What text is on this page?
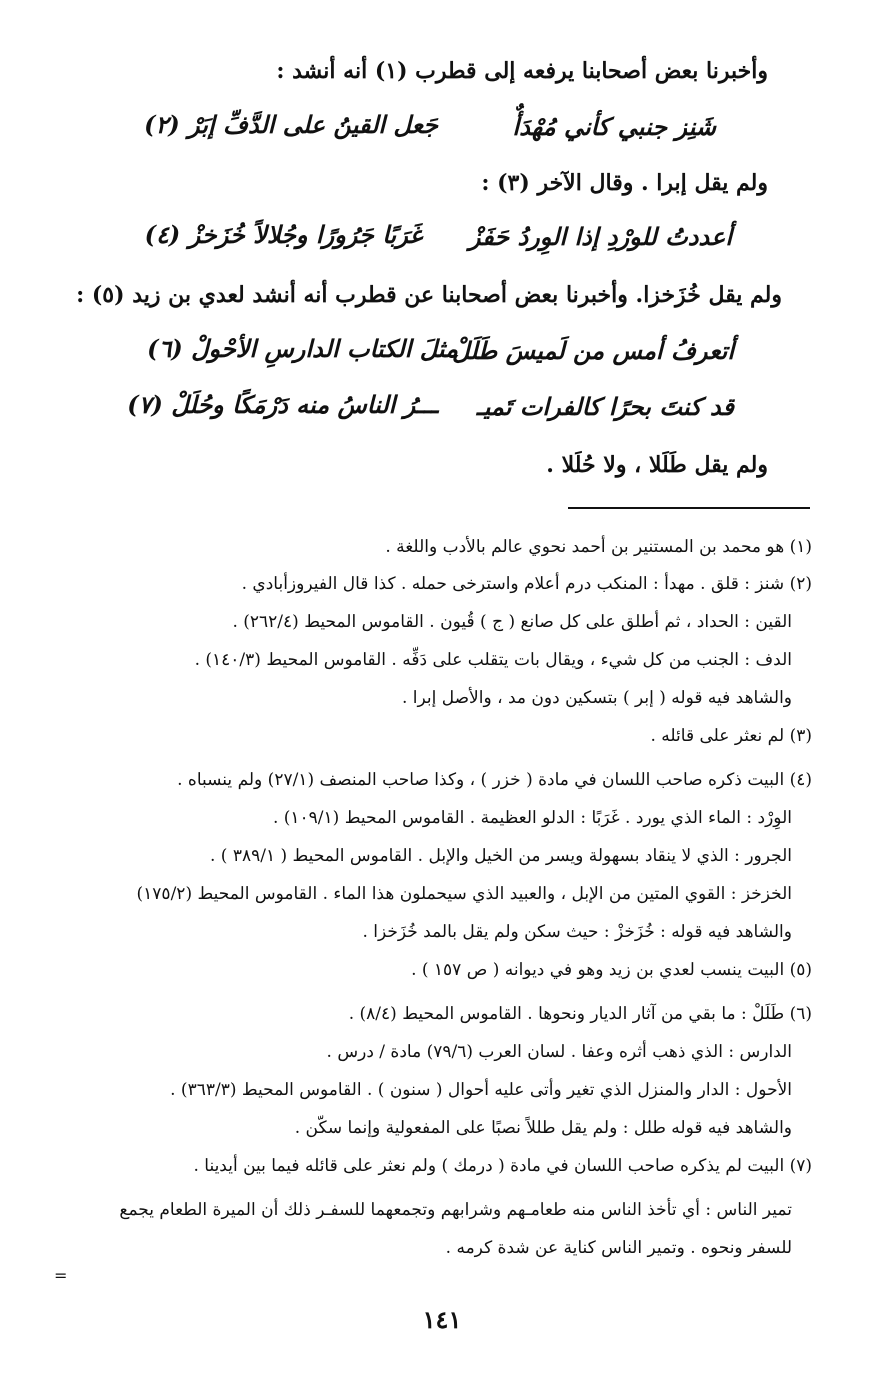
وأخبرنا بعض أصحابنا يرفعه إلى قطرب (١) أنه أنشد :
شَنِز جنبي كأني مُهْدَأٌ
جَعل القينُ على الدَّفِّ إبَرْ (٢)
ولم يقل إبرا . وقال الآخر (٣) :
أعددتُ للورْدِ إذا الوِردُ حَفَزْ
غَرَبًا جَرُورًا وجُلالاً خُزَخزْ (٤)
ولم يقل خُزَخزا. وأخبرنا بعض أصحابنا عن قطرب أنه أنشد لعدي بن زيد (٥) :
أتعرفُ أمس من لَميسَ طَلَلْ
مثلَ الكتاب الدارسِ الأحْولْ (٦)
قد كنتَ بحرًا كالفرات تَميـ
ـــرُ الناسُ منه دَرْمَكًا وحُلَلْ (٧)
ولم يقل طَلَلا ، ولا حُلَلا .
(١) هو محمد بن المستنير بن أحمد نحوي عالم بالأدب واللغة .
(٢) شنز : قلق . مهدأ : المنكب درم أعلام واسترخى حمله . كذا قال الفيروزأبادي .
القين : الحداد ، ثم أطلق على كل صانع ( ج ) قُيون . القاموس المحيط (٢٦٢/٤) .
الدف : الجنب من كل شيء ، ويقال بات يتقلب على دَفِّه . القاموس المحيط (١٤٠/٣) .
والشاهد فيه قوله ( إبر ) بتسكين دون مد ، والأصل إبرا .
(٣) لم نعثر على قائله .
(٤) البيت ذكره صاحب اللسان في مادة ( خزر ) ، وكذا صاحب المنصف (٢٧/١) ولم ينسباه .
الوِرْد : الماء الذي يورد . غَرَبًا : الدلو العظيمة . القاموس المحيط (١٠٩/١) .
الجرور : الذي لا ينقاد بسهولة ويسر من الخيل والإبل . القاموس المحيط ( ٣٨٩/١ ) .
الخزخز : القوي المتين من الإبل ، والعبيد الذي سيحملون هذا الماء . القاموس المحيط (١٧٥/٢)
والشاهد فيه قوله : خُزَخزْ : حيث سكن ولم يقل بالمد خُزَخزا .
(٥) البيت ينسب لعدي بن زيد وهو في ديوانه ( ص ١٥٧ ) .
(٦) طَلَلْ : ما بقي من آثار الديار ونحوها . القاموس المحيط (٨/٤) .
الدارس : الذي ذهب أثره وعفا . لسان العرب (٧٩/٦) مادة / درس .
الأحول : الدار والمنزل الذي تغير وأتى عليه أحوال ( سنون ) . القاموس المحيط (٣٦٣/٣) .
والشاهد فيه قوله طلل : ولم يقل طللاً نصبًا على المفعولية وإنما سكّن .
(٧) البيت لم يذكره صاحب اللسان في مادة ( درمك ) ولم نعثر على قائله فيما بين أيدينا .
تمير الناس : أي تأخذ الناس منه طعامـهم وشرابهم وتجمعهما للسفـر ذلك أن الميرة الطعام يجمع
للسفر ونحوه . وتمير الناس كناية عن شدة كرمه .
=
١٤١
